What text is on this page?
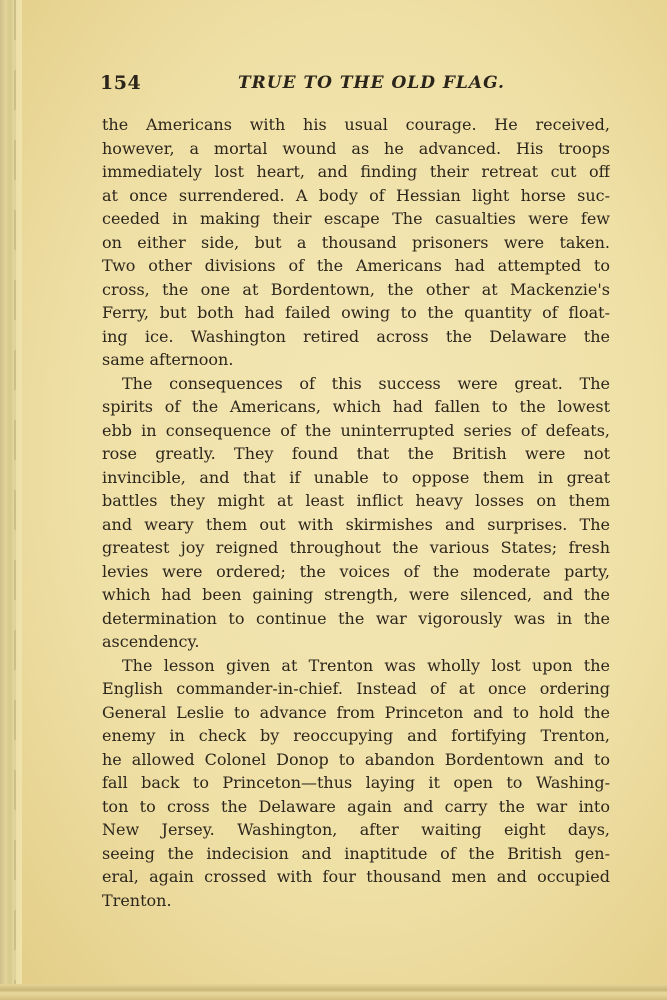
154	TRUE TO THE OLD FLAG.
the Americans with his usual courage. He received,
however, a mortal wound as he advanced. His troops
immediately lost heart, and finding their retreat cut off
at once surrendered. A body of Hessian light horse suc-
ceeded in making their escape The casualties were few
on either side, but a thousand prisoners were taken.
Two other divisions of the Americans had attempted to
cross, the one at Bordentown, the other at Mackenzie's
Ferry, but both had failed owing to the quantity of float-
ing ice. Washington retired across the Delaware the
same afternoon.
The consequences of this success were great. The
spirits of the Americans, which had fallen to the lowest
ebb in consequence of the uninterrupted series of defeats,
rose greatly. They found that the British were not
invincible, and that if unable to oppose them in great
battles they might at least inflict heavy losses on them
and weary them out with skirmishes and surprises. The
greatest joy reigned throughout the various States; fresh
levies were ordered; the voices of the moderate party,
which had been gaining strength, were silenced, and the
determination to continue the war vigorously was in the
ascendency.
The lesson given at Trenton was wholly lost upon the
English commander-in-chief. Instead of at once ordering
General Leslie to advance from Princeton and to hold the
enemy in check by reoccupying and fortifying Trenton,
he allowed Colonel Donop to abandon Bordentown and to
fall back to Princeton—thus laying it open to Washing-
ton to cross the Delaware again and carry the war into
New Jersey. Washington, after waiting eight days,
seeing the indecision and inaptitude of the British gen-
eral, again crossed with four thousand men and occupied
Trenton.
